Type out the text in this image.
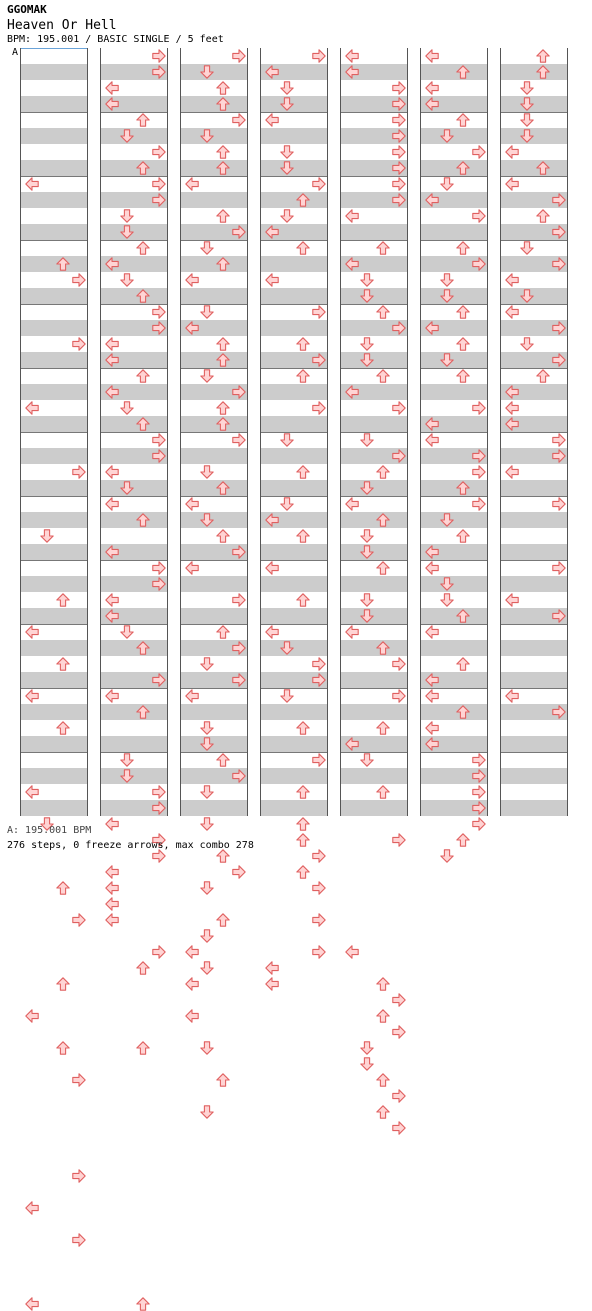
GGOMAK
Heaven Or Hell
BPM: 195.001 / BASIC SINGLE / 5 feet
A
A: 195.001 BPM
276 steps, 0 freeze arrows, max combo 278
